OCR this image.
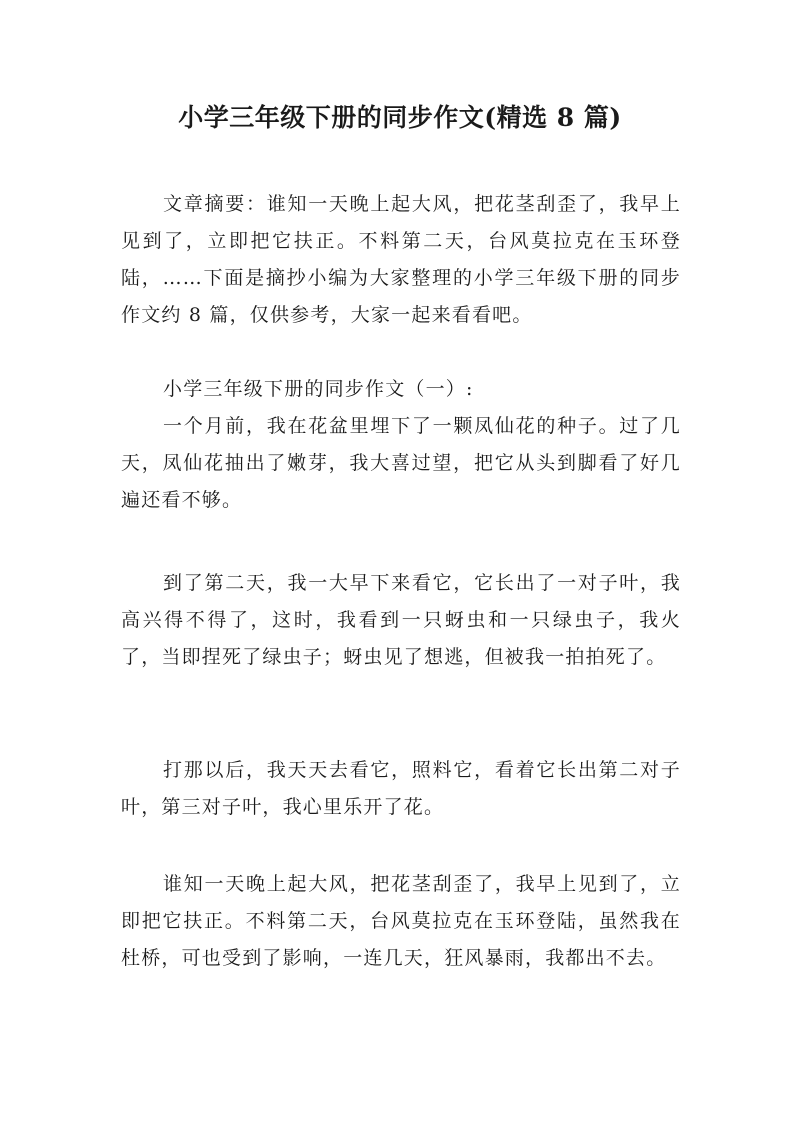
小学三年级下册的同步作文(精选 8 篇)

文章摘要：谁知一天晚上起大风，把花茎刮歪了，我早上见到了，立即把它扶正。不料第二天，台风莫拉克在玉环登陆，……下面是摘抄小编为大家整理的小学三年级下册的同步作文约 8 篇，仅供参考，大家一起来看看吧。

小学三年级下册的同步作文（一）:

一个月前，我在花盆里埋下了一颗凤仙花的种子。过了几天，凤仙花抽出了嫩芽，我大喜过望，把它从头到脚看了好几遍还看不够。

到了第二天，我一大早下来看它，它长出了一对子叶，我高兴得不得了，这时，我看到一只蚜虫和一只绿虫子，我火了，当即捏死了绿虫子；蚜虫见了想逃，但被我一拍拍死了。

打那以后，我天天去看它，照料它，看着它长出第二对子叶，第三对子叶，我心里乐开了花。

谁知一天晚上起大风，把花茎刮歪了，我早上见到了，立即把它扶正。不料第二天，台风莫拉克在玉环登陆，虽然我在杜桥，可也受到了影响，一连几天，狂风暴雨，我都出不去。
